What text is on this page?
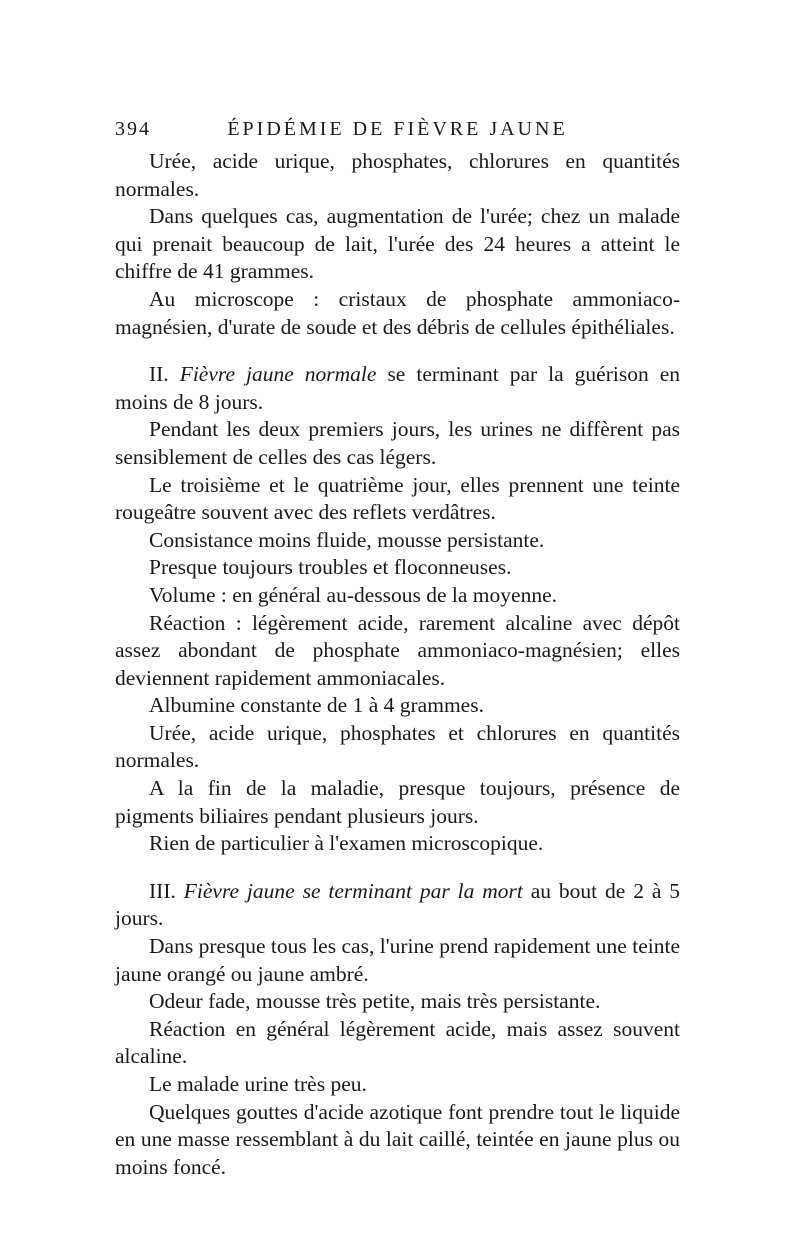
394	ÉPIDÉMIE DE FIÈVRE JAUNE

Urée, acide urique, phosphates, chlorures en quantités normales.

Dans quelques cas, augmentation de l'urée; chez un malade qui prenait beaucoup de lait, l'urée des 24 heures a atteint le chiffre de 41 grammes.

Au microscope : cristaux de phosphate ammoniaco-magnésien, d'urate de soude et des débris de cellules épithéliales.

II. Fièvre jaune normale se terminant par la guérison en moins de 8 jours.

Pendant les deux premiers jours, les urines ne diffèrent pas sensiblement de celles des cas légers.

Le troisième et le quatrième jour, elles prennent une teinte rougeâtre souvent avec des reflets verdâtres.

Consistance moins fluide, mousse persistante.

Presque toujours troubles et floconneuses.

Volume : en général au-dessous de la moyenne.

Réaction : légèrement acide, rarement alcaline avec dépôt assez abondant de phosphate ammoniaco-magnésien; elles deviennent rapidement ammoniacales.

Albumine constante de 1 à 4 grammes.

Urée, acide urique, phosphates et chlorures en quantités normales.

A la fin de la maladie, presque toujours, présence de pigments biliaires pendant plusieurs jours.

Rien de particulier à l'examen microscopique.

III. Fièvre jaune se terminant par la mort au bout de 2 à 5 jours.

Dans presque tous les cas, l'urine prend rapidement une teinte jaune orangé ou jaune ambré.

Odeur fade, mousse très petite, mais très persistante.

Réaction en général légèrement acide, mais assez souvent alcaline.

Le malade urine très peu.

Quelques gouttes d'acide azotique font prendre tout le liquide en une masse ressemblant à du lait caillé, teintée en jaune plus ou moins foncé.
